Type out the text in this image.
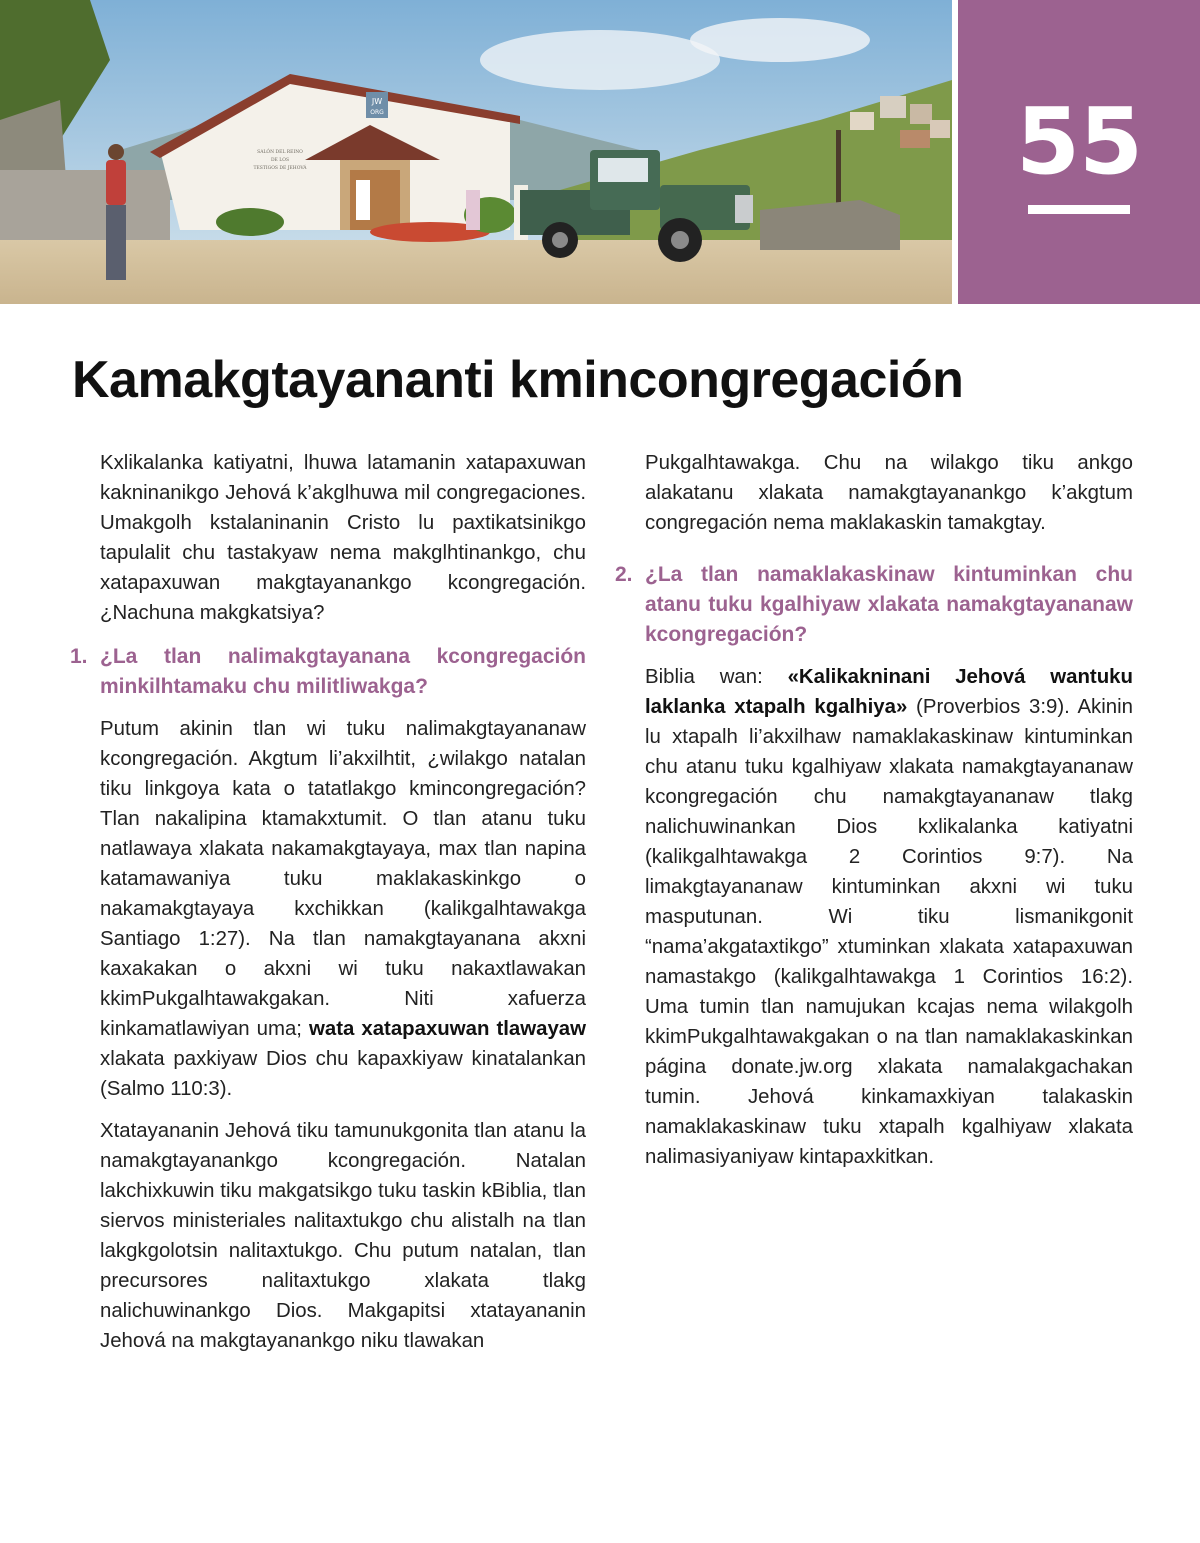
JW
ORG
SALÓN DEL REINO
DE LOS
TESTIGOS DE JEHOVÁ	55
Kamakgtayananti kmincongregación

Kxlikalanka katiyatni, lhuwa latamanin xatapaxuwan kakninanikgo Jehová k’akglhuwa mil congregaciones. Umakgolh kstalaninanin Cristo lu paxtikatsinikgo tapulalit chu tastakyaw nema makglhtinankgo, chu xatapaxuwan makgtayanankgo kcongregación. ¿Nachuna makgkatsiya?

1. ¿La tlan nalimakgtayanana kcongregación minkilhtamaku chu militliwakga?

Putum akinin tlan wi tuku nalimakgtayananaw kcongregación. Akgtum li’akxilhtit, ¿wilakgo natalan tiku linkgoya kata o tatatlakgo kmincongregación? Tlan nakalipina ktamakxtumit. O tlan atanu tuku natlawaya xlakata nakamakgtayaya, max tlan napina katamawaniya tuku maklakaskinkgo o nakamakgtayaya kxchikkan (kalikgalhtawakga Santiago 1:27). Na tlan namakgtayanana akxni kaxakakan o akxni wi tuku nakaxtlawakan kkimPukgalhtawakgakan. Niti xafuerza kinkamatlawiyan uma; wata xatapaxuwan tlawayaw xlakata paxkiyaw Dios chu kapaxkiyaw kinatalankan (Salmo 110:3).

Xtatayananin Jehová tiku tamunukgonita tlan atanu la namakgtayanankgo kcongregación. Natalan lakchixkuwin tiku makgatsikgo tuku taskin kBiblia, tlan siervos ministeriales nalitaxtukgo chu alistalh na tlan lakgkgolotsin nalitaxtukgo. Chu putum natalan, tlan precursores nalitaxtukgo xlakata tlakg nalichuwinankgo Dios. Makgapitsi xtatayananin Jehová na makgtayanankgo niku tlawakan

Pukgalhtawakga. Chu na wilakgo tiku ankgo alakatanu xlakata namakgtayanankgo k’akgtum congregación nema maklakaskin tamakgtay.

2. ¿La tlan namaklakaskinaw kintuminkan chu atanu tuku kgalhiyaw xlakata namakgtayananaw kcongregación?

Biblia wan: «Kalikakninani Jehová wantuku laklanka xtapalh kgalhiya» (Proverbios 3:9). Akinin lu xtapalh li’akxilhaw namaklakaskinaw kintuminkan chu atanu tuku kgalhiyaw xlakata namakgtayananaw kcongregación chu namakgtayananaw tlakg nalichuwinankan Dios kxlikalanka katiyatni (kalikgalhtawakga 2 Corintios 9:7). Na limakgtayananaw kintuminkan akxni wi tuku masputunan. Wi tiku lismanikgonit “nama’akgataxtikgo” xtuminkan xlakata xatapaxuwan namastakgo (kalikgalhtawakga 1 Corintios 16:2). Uma tumin tlan namujukan kcajas nema wilakgolh kkimPukgalhtawakgakan o na tlan namaklakaskinkan página donate.jw.org xlakata namalakgachakan tumin. Jehová kinkamaxkiyan talakaskin namaklakaskinaw tuku xtapalh kgalhiyaw xlakata nalimasiyaniyaw kintapaxkitkan.
